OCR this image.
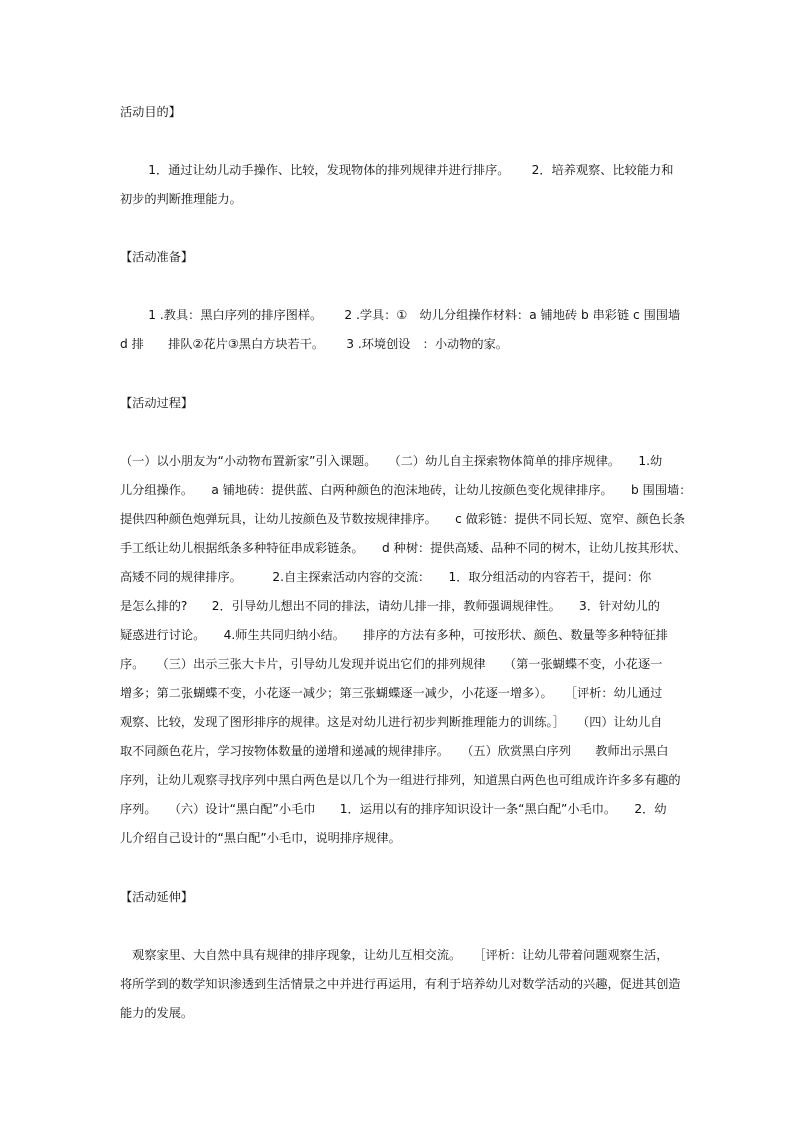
活动目的】
　　 1．通过让幼儿动手操作、比较，发现物体的排列规律并进行排序。　　 2．培养观察、比较能力和
初步的判断推理能力。
【活动准备】
　　 1 .教具：黑白序列的排序图样。　　 2 .学具：①　幼儿分组操作材料：a 铺地砖 b 串彩链 c 围围墙
d 排　　排队②花片③黑白方块若干。　　 3 .环境创设　：小动物的家。
【活动过程】
（一）以小朋友为“小动物布置新家”引入课题。　　（二）幼儿自主探索物体简单的排序规律。　　1.幼
儿分组操作。　　a 铺地砖：提供蓝、白两种颜色的泡沫地砖，让幼儿按颜色变化规律排序。　　b 围围墙：
提供四种颜色炮弹玩具，让幼儿按颜色及节数按规律排序。　　c 做彩链：提供不同长短、宽窄、颜色长条
手工纸让幼儿根据纸条多种特征串成彩链条。　　d 种树：提供高矮、品种不同的树木，让幼儿按其形状、
高矮不同的规律排序。　　　2.自主探索活动内容的交流：　　1．取分组活动的内容若干，提问：你
是怎么排的?　　2．引导幼儿想出不同的排法，请幼儿排一排，教师强调规律性。　　3．针对幼儿的
疑惑进行讨论。　　4.师生共同归纳小结。　　排序的方法有多种，可按形状、颜色、数量等多种特征排
序。　　（三）出示三张大卡片，引导幼儿发现并说出它们的排列规律　　（第一张蝴蝶不变，小花逐一
增多；第二张蝴蝶不变，小花逐一减少；第三张蝴蝶逐一减少，小花逐一增多）。　　［评析：幼儿通过
观察、比较，发现了图形排序的规律。这是对幼儿进行初步判断推理能力的训练。］　　（四）让幼儿自
取不同颜色花片，学习按物体数量的递增和递减的规律排序。　　（五）欣赏黑白序列　　教师出示黑白
序列，让幼儿观察寻找序列中黑白两色是以几个为一组进行排列，知道黑白两色也可组成许许多多有趣的
序列。　　（六）设计“黑白配”小毛巾　　1．运用以有的排序知识设计一条“黑白配”小毛巾。　　2．幼
儿介绍自己设计的“黑白配”小毛巾，说明排序规律。
【活动延伸】
　观察家里、大自然中具有规律的排序现象，让幼儿互相交流。　　［评析：让幼儿带着问题观察生活，
将所学到的数学知识渗透到生活情景之中并进行再运用，有利于培养幼儿对数学活动的兴趣，促进其创造
能力的发展。
